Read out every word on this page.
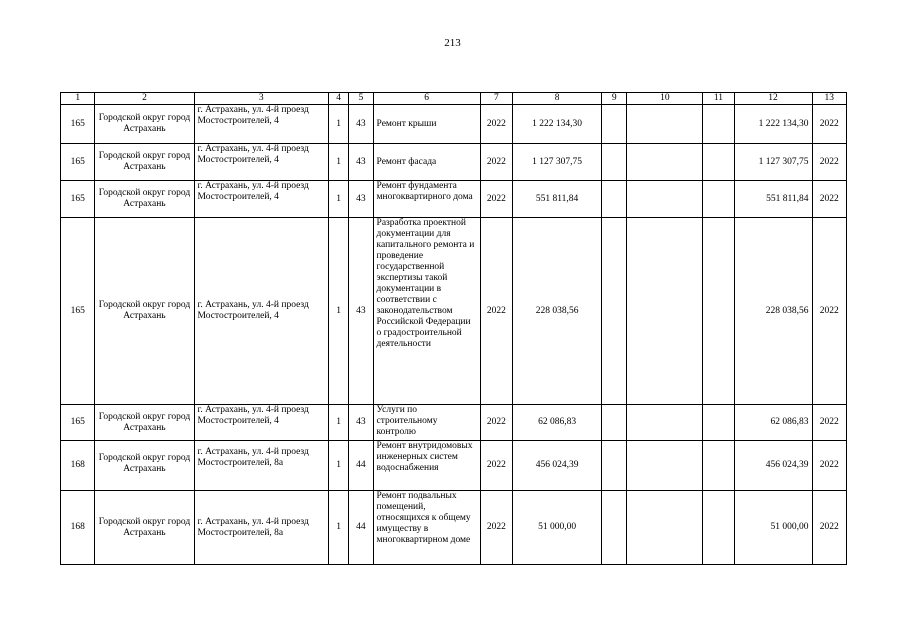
213
1	2	3	4	5	6	7	8	9	10	11	12	13
165	Городской округ город Астрахань	г. Астрахань, ул. 4-й проезд Мостостроителей, 4	1	43	Ремонт крыши	2022	1 222 134,30				1 222 134,30	2022
165	Городской округ город Астрахань	г. Астрахань, ул. 4-й проезд Мостостроителей, 4	1	43	Ремонт фасада	2022	1 127 307,75				1 127 307,75	2022
165	Городской округ город Астрахань	г. Астрахань, ул. 4-й проезд Мостостроителей, 4	1	43	Ремонт фундамента многоквартирного дома	2022	551 811,84				551 811,84	2022
165	Городской округ город Астрахань	г. Астрахань, ул. 4-й проезд Мостостроителей, 4	1	43	Разработка проектной документации для капитального ремонта и проведение государственной экспертизы такой документации в соответствии с законодательством Российской Федерации о градостроительной деятельности	2022	228 038,56				228 038,56	2022
165	Городской округ город Астрахань	г. Астрахань, ул. 4-й проезд Мостостроителей, 4	1	43	Услуги по строительному контролю	2022	62 086,83				62 086,83	2022
168	Городской округ город Астрахань	г. Астрахань, ул. 4-й проезд Мостостроителей, 8а	1	44	Ремонт внутридомовых инженерных систем водоснабжения	2022	456 024,39				456 024,39	2022
168	Городской округ город Астрахань	г. Астрахань, ул. 4-й проезд Мостостроителей, 8а	1	44	Ремонт подвальных помещений, относящихся к общему имуществу в многоквартирном доме	2022	51 000,00				51 000,00	2022
